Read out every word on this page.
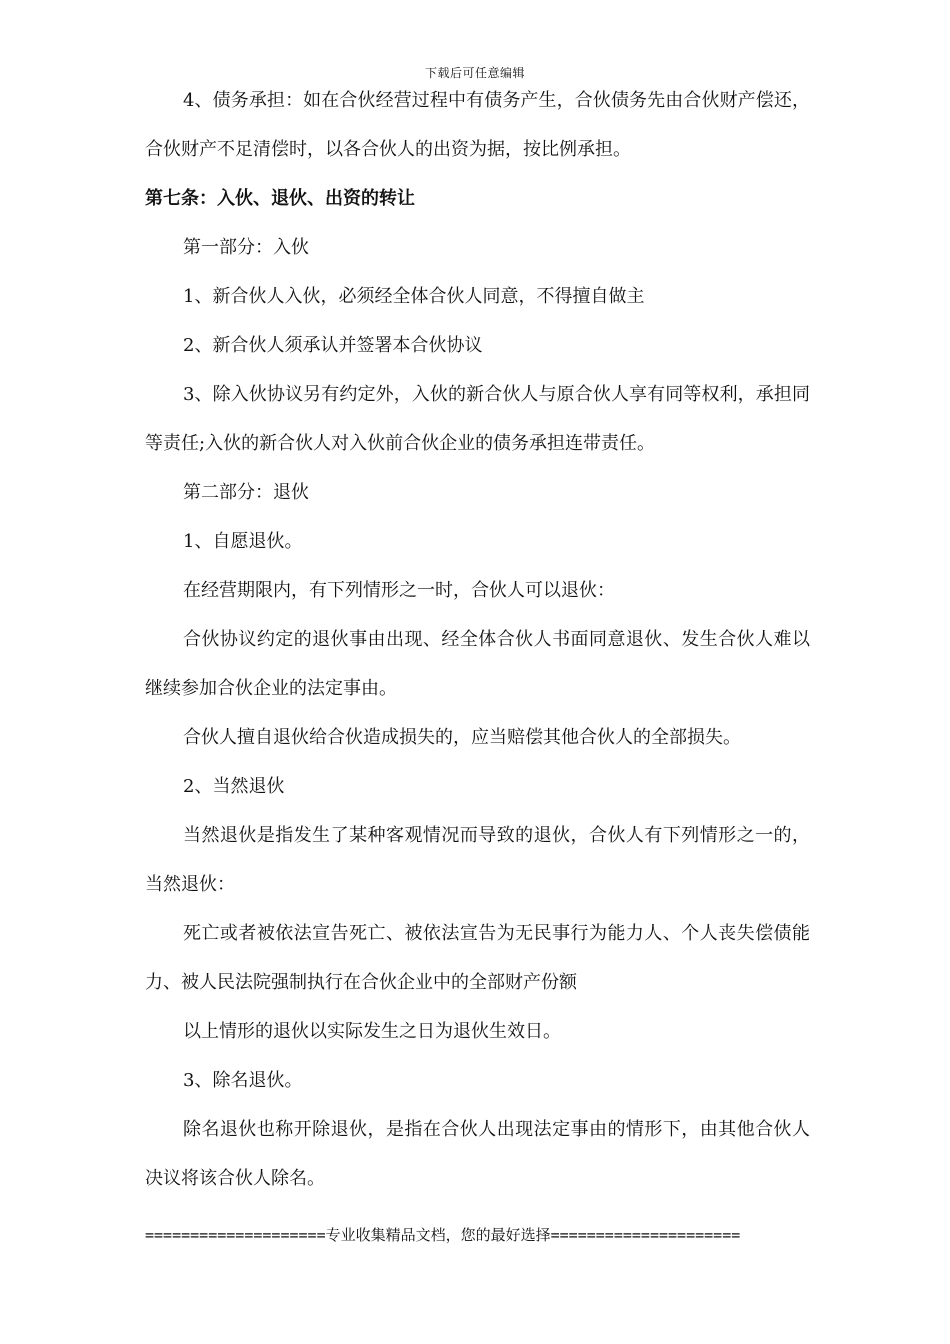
下载后可任意编辑

4、债务承担：如在合伙经营过程中有债务产生，合伙债务先由合伙财产偿还，合伙财产不足清偿时，以各合伙人的出资为据，按比例承担。

第七条：入伙、退伙、出资的转让

第一部分：入伙

1、新合伙人入伙，必须经全体合伙人同意，不得擅自做主

2、新合伙人须承认并签署本合伙协议

3、除入伙协议另有约定外，入伙的新合伙人与原合伙人享有同等权利，承担同等责任;入伙的新合伙人对入伙前合伙企业的债务承担连带责任。

第二部分：退伙

1、自愿退伙。

在经营期限内，有下列情形之一时，合伙人可以退伙：

合伙协议约定的退伙事由出现、经全体合伙人书面同意退伙、发生合伙人难以继续参加合伙企业的法定事由。

合伙人擅自退伙给合伙造成损失的，应当赔偿其他合伙人的全部损失。

2、当然退伙

当然退伙是指发生了某种客观情况而导致的退伙，合伙人有下列情形之一的，当然退伙：

死亡或者被依法宣告死亡、被依法宣告为无民事行为能力人、个人丧失偿债能力、被人民法院强制执行在合伙企业中的全部财产份额

以上情形的退伙以实际发生之日为退伙生效日。

3、除名退伙。

除名退伙也称开除退伙，是指在合伙人出现法定事由的情形下，由其他合伙人决议将该合伙人除名。

====================专业收集精品文档，您的最好选择=====================
